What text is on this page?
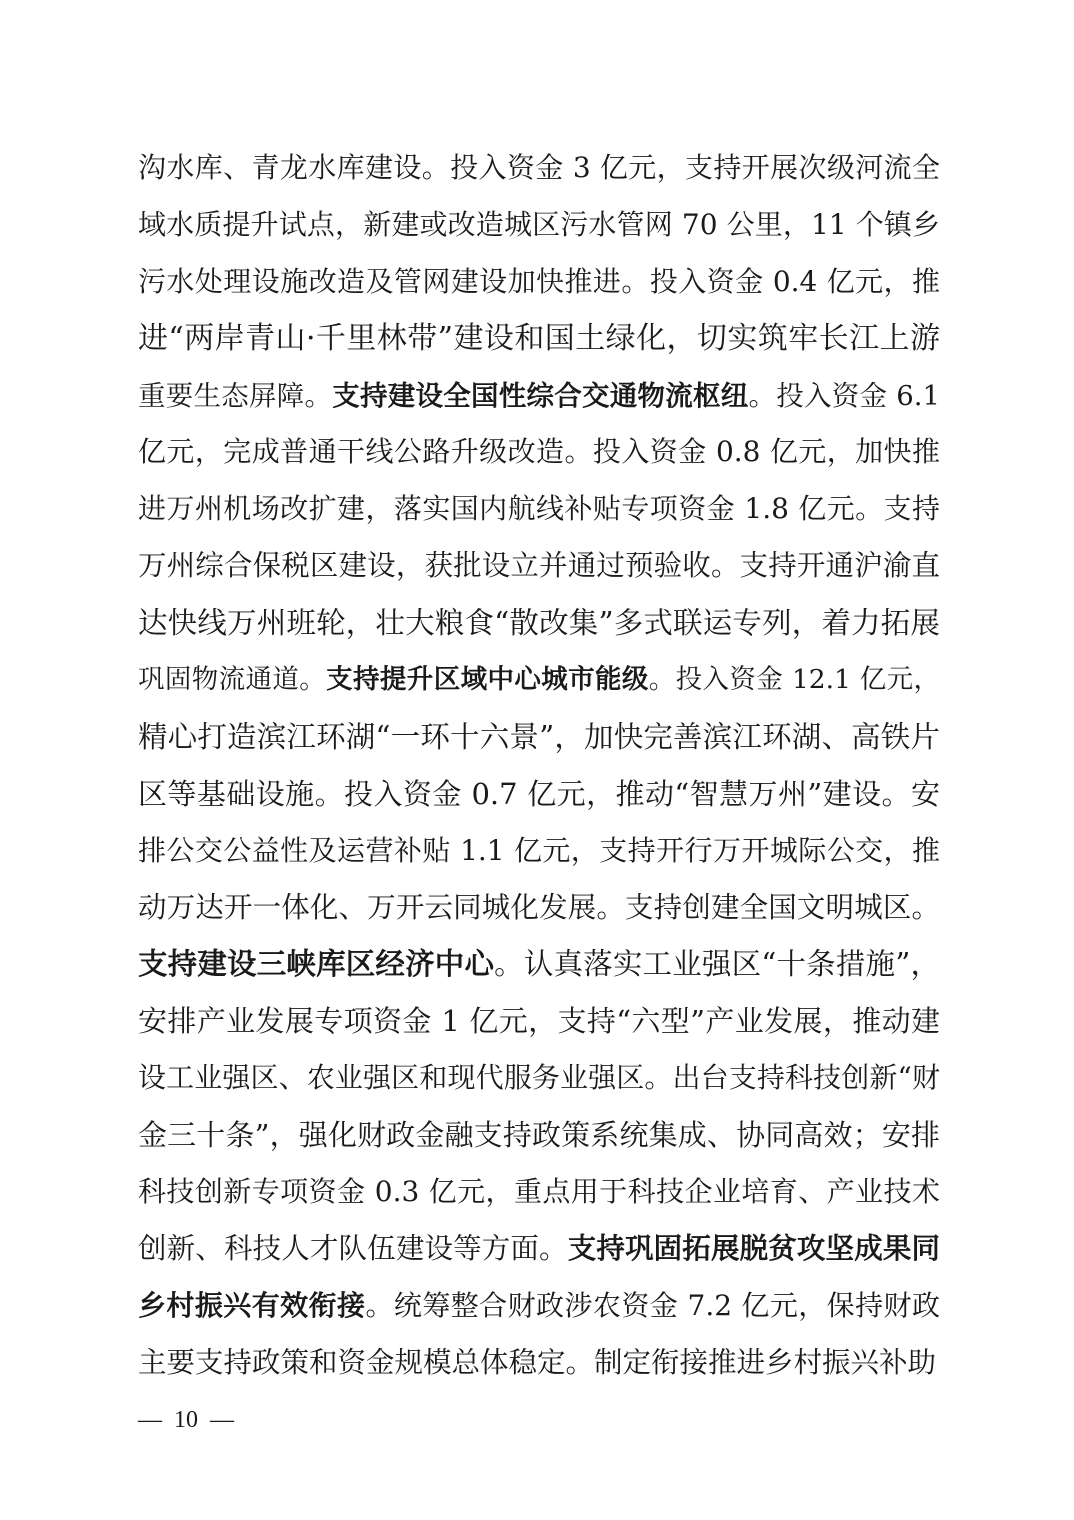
沟水库、青龙水库建设。投入资金 3 亿元，支持开展次级河流全
域水质提升试点，新建或改造城区污水管网 70 公里，11 个镇乡
污水处理设施改造及管网建设加快推进。投入资金 0.4 亿元，推
进“两岸青山·千里林带”建设和国土绿化，切实筑牢长江上游
重要生态屏障。支持建设全国性综合交通物流枢纽。投入资金 6.1
亿元，完成普通干线公路升级改造。投入资金 0.8 亿元，加快推
进万州机场改扩建，落实国内航线补贴专项资金 1.8 亿元。支持
万州综合保税区建设，获批设立并通过预验收。支持开通沪渝直
达快线万州班轮，壮大粮食“散改集”多式联运专列，着力拓展
巩固物流通道。支持提升区域中心城市能级。投入资金 12.1 亿元，
精心打造滨江环湖“一环十六景”，加快完善滨江环湖、高铁片
区等基础设施。投入资金 0.7 亿元，推动“智慧万州”建设。安
排公交公益性及运营补贴 1.1 亿元，支持开行万开城际公交，推
动万达开一体化、万开云同城化发展。支持创建全国文明城区。
支持建设三峡库区经济中心。认真落实工业强区“十条措施”，
安排产业发展专项资金 1 亿元，支持“六型”产业发展，推动建
设工业强区、农业强区和现代服务业强区。出台支持科技创新“财
金三十条”，强化财政金融支持政策系统集成、协同高效；安排
科技创新专项资金 0.3 亿元，重点用于科技企业培育、产业技术
创新、科技人才队伍建设等方面。支持巩固拓展脱贫攻坚成果同
乡村振兴有效衔接。统筹整合财政涉农资金 7.2 亿元，保持财政
主要支持政策和资金规模总体稳定。制定衔接推进乡村振兴补助
—  10  —
